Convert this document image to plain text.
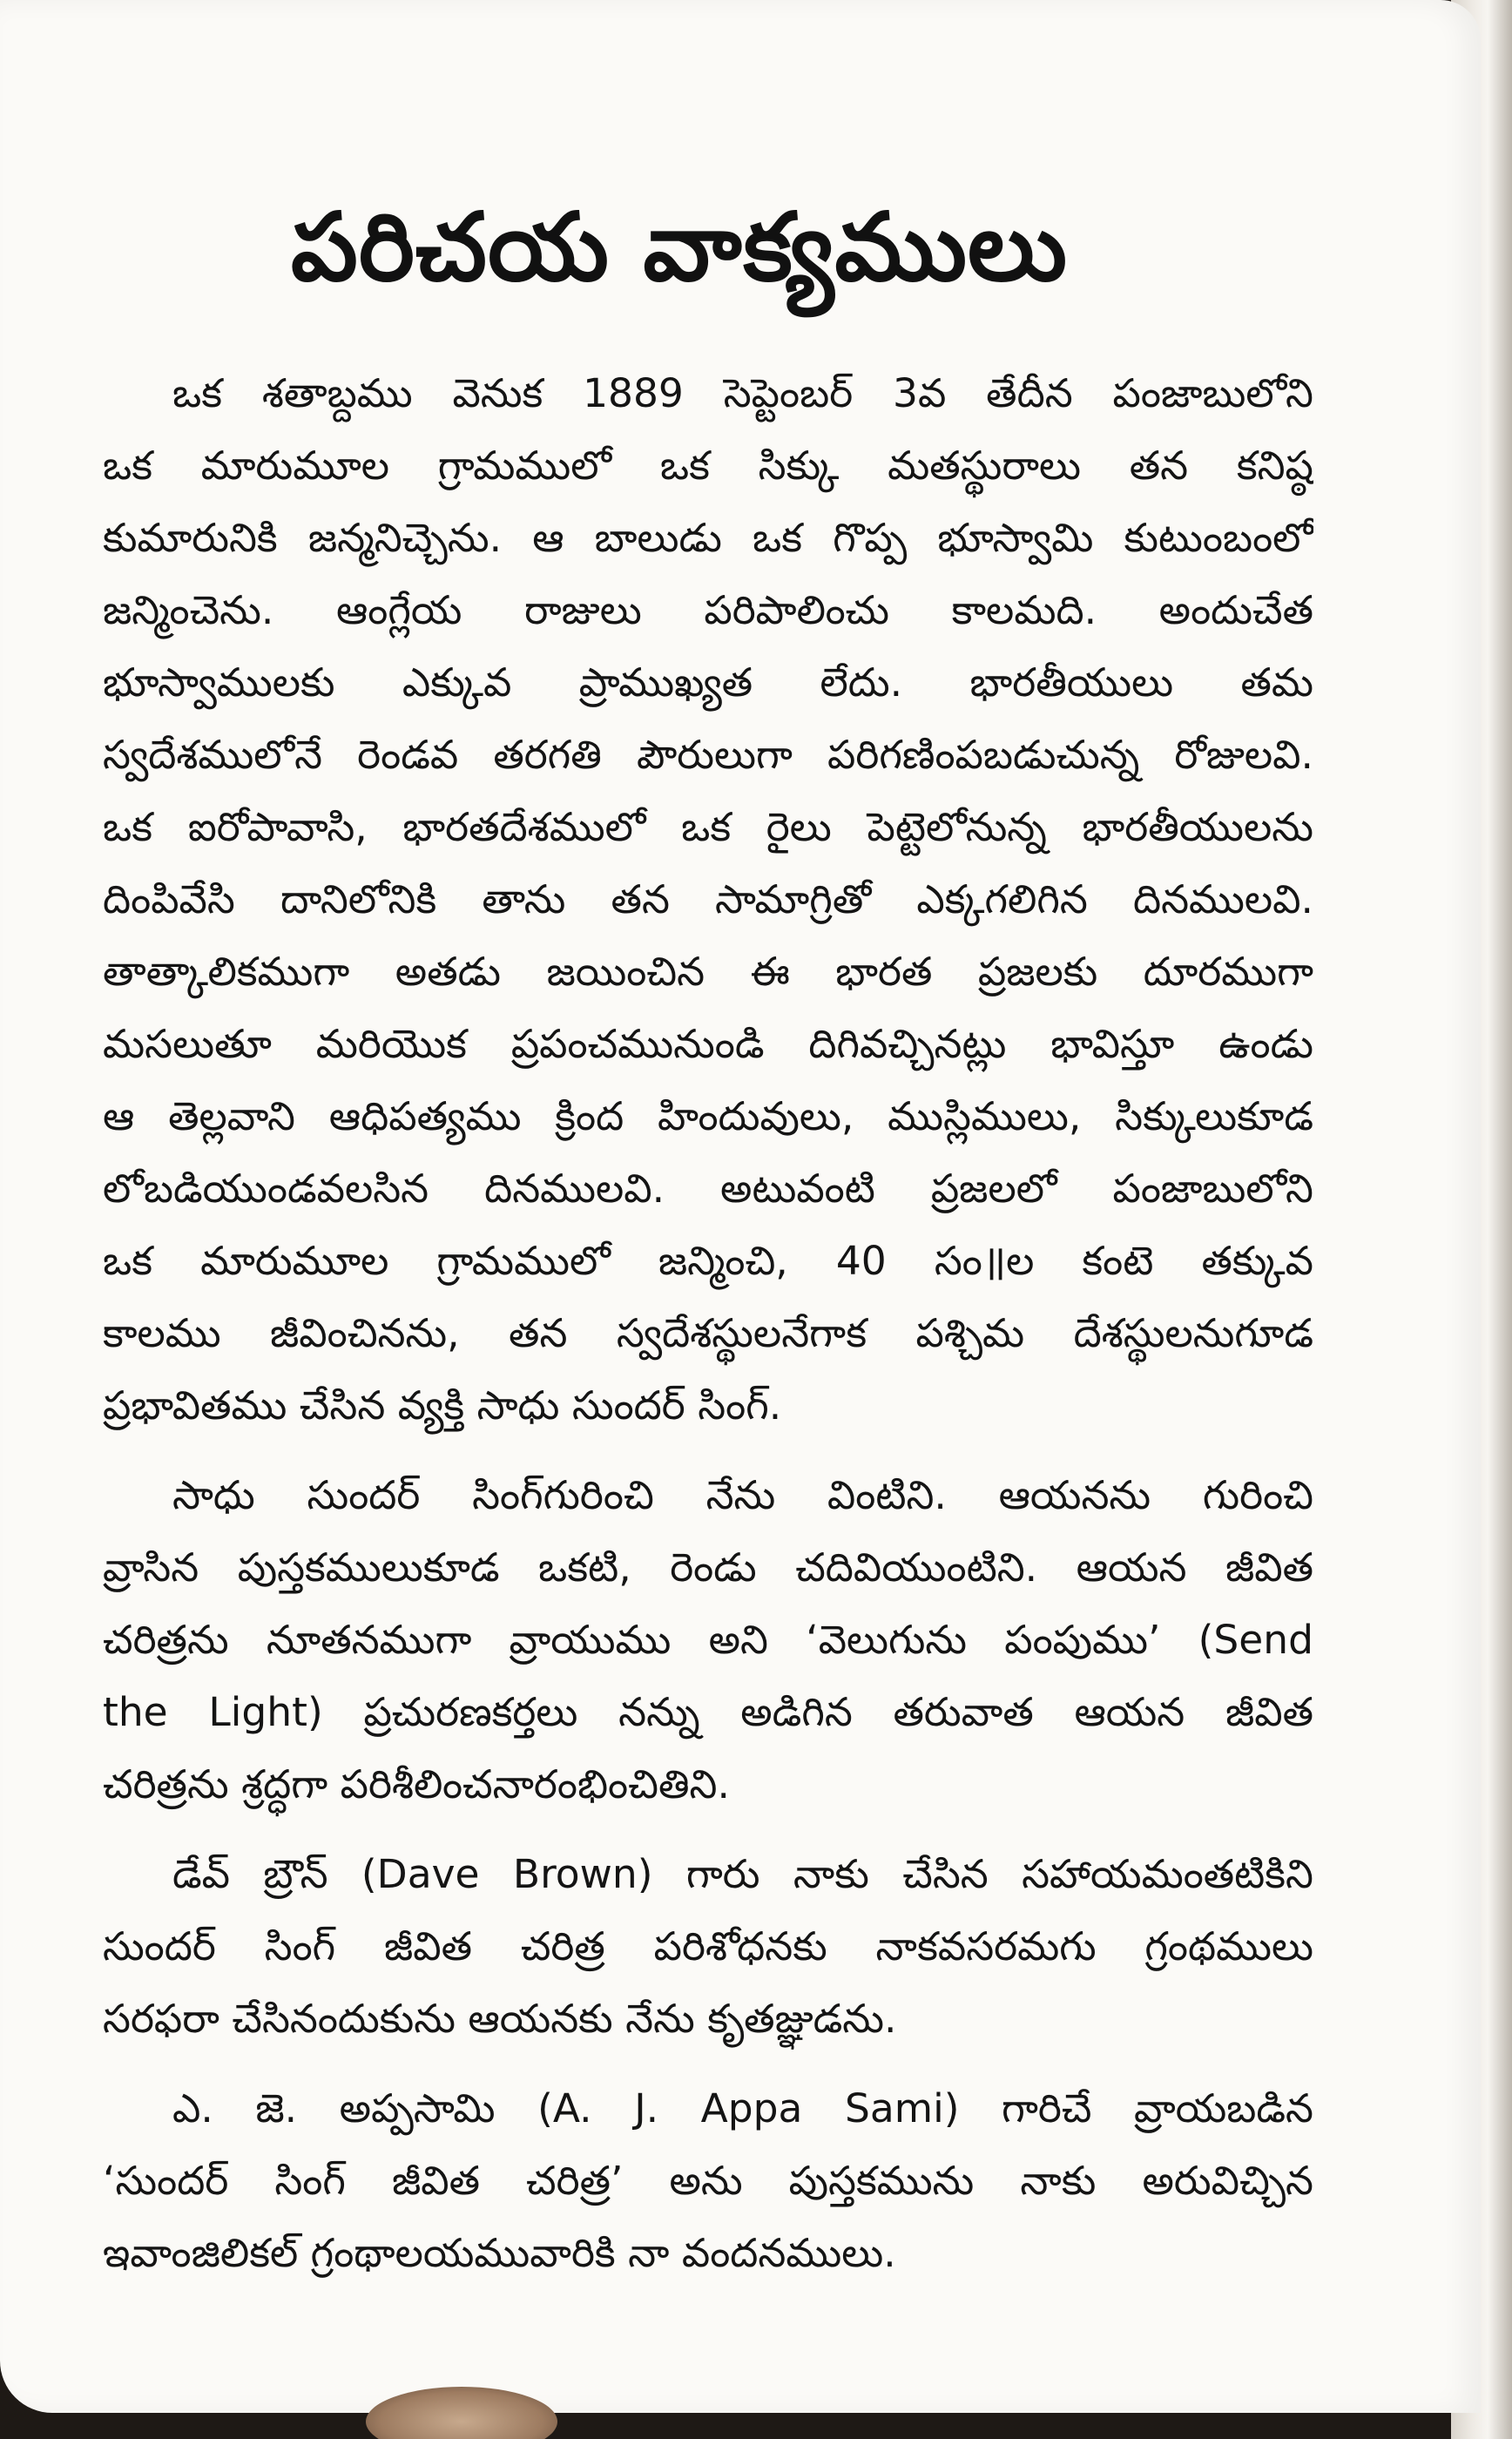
పరిచయ వాక్యములు
ఒక శతాబ్దము వెనుక 1889 సెప్టెంబర్ 3వ తేదీన పంజాబులోని
ఒక మారుమూల గ్రామములో ఒక సిక్కు మతస్థురాలు తన కనిష్ఠ
కుమారునికి జన్మనిచ్చెను. ఆ బాలుడు ఒక గొప్ప భూస్వామి కుటుంబంలో
జన్మించెను. ఆంగ్లేయ రాజులు పరిపాలించు కాలమది. అందుచేత
భూస్వాములకు ఎక్కువ ప్రాముఖ్యత లేదు. భారతీయులు తమ
స్వదేశములోనే రెండవ తరగతి పౌరులుగా పరిగణింపబడుచున్న రోజులవి.
ఒక ఐరోపావాసి, భారతదేశములో ఒక రైలు పెట్టెలోనున్న భారతీయులను
దింపివేసి దానిలోనికి తాను తన సామాగ్రితో ఎక్కగలిగిన దినములవి.
తాత్కాలికముగా అతడు జయించిన ఈ భారత ప్రజలకు దూరముగా
మసలుతూ మరియొక ప్రపంచమునుండి దిగివచ్చినట్లు భావిస్తూ ఉండు
ఆ తెల్లవాని ఆధిపత్యము క్రింద హిందువులు, ముస్లిములు, సిక్కులుకూడ
లోబడియుండవలసిన దినములవి. అటువంటి ప్రజలలో పంజాబులోని
ఒక మారుమూల గ్రామములో జన్మించి, 40 సం॥ల కంటె తక్కువ
కాలము జీవించినను, తన స్వదేశస్థులనేగాక పశ్చిమ దేశస్థులనుగూడ
ప్రభావితము చేసిన వ్యక్తి సాధు సుందర్ సింగ్.
సాధు సుందర్ సింగ్‌గురించి నేను వింటిని. ఆయనను గురించి
వ్రాసిన పుస్తకములుకూడ ఒకటి, రెండు చదివియుంటిని. ఆయన జీవిత
చరిత్రను నూతనముగా వ్రాయుము అని ‘వెలుగును పంపుము’ (Send
the Light) ప్రచురణకర్తలు నన్ను అడిగిన తరువాత ఆయన జీవిత
చరిత్రను శ్రద్ధగా పరిశీలించనారంభించితిని.
డేవ్ బ్రౌన్ (Dave Brown) గారు నాకు చేసిన సహాయమంతటికిని
సుందర్ సింగ్ జీవిత చరిత్ర పరిశోధనకు నాకవసరమగు గ్రంథములు
సరఫరా చేసినందుకును ఆయనకు నేను కృతజ్ఞుడను.
ఎ. జె. అప్పసామి (A. J. Appa Sami) గారిచే వ్రాయబడిన
‘సుందర్ సింగ్ జీవిత చరిత్ర’ అను పుస్తకమును నాకు అరువిచ్చిన
ఇవాంజిలికల్ గ్రంథాలయమువారికి నా వందనములు.
